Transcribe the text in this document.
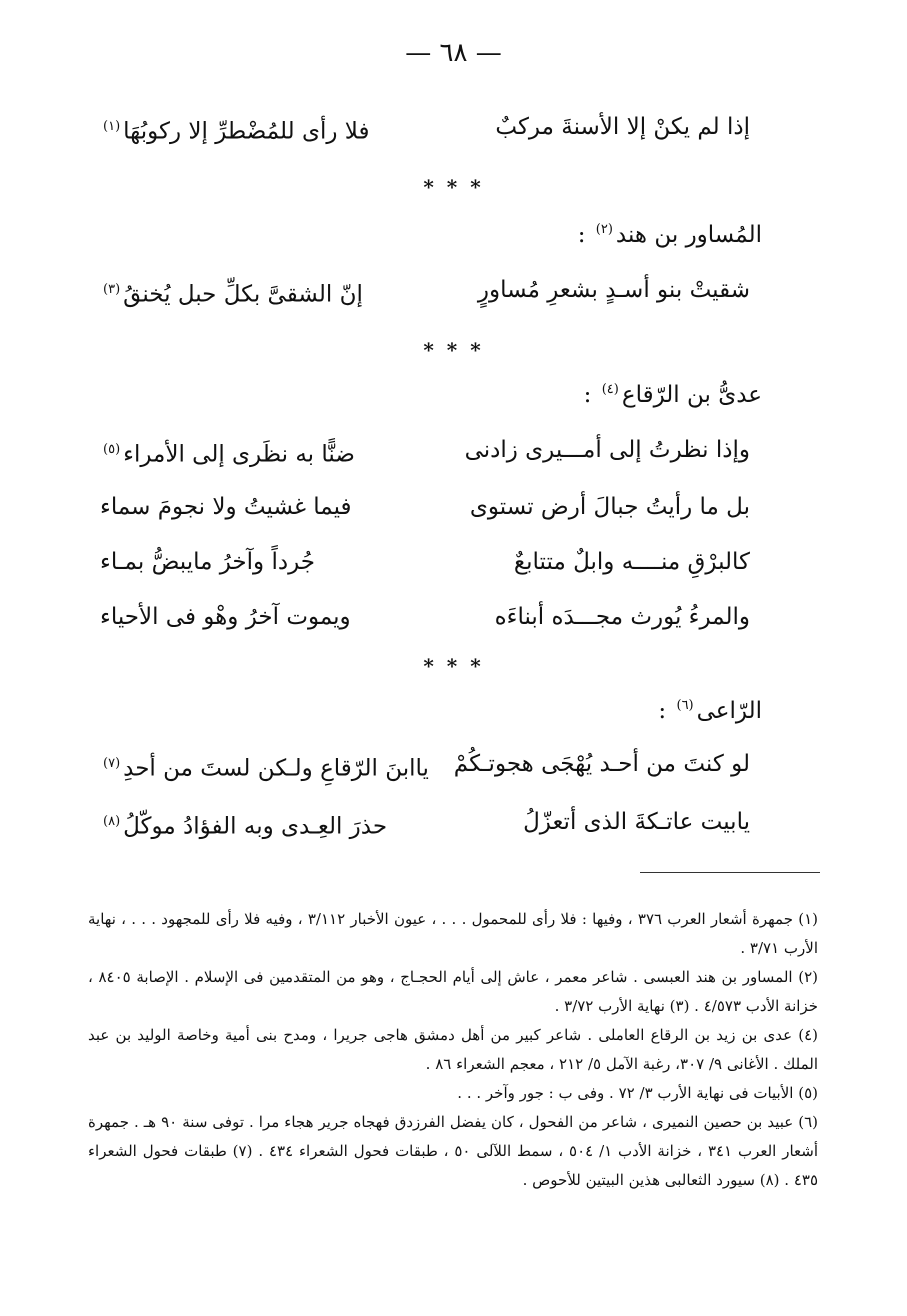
— ٦٨ —
إذا لم يكنْ إلا الأسنةَ مركبٌ
فلا رأى للمُضْطرِّ إلا ركوبُهَا$^{(١)}$
* * *
المُساور بن هند$^{(٢)}$ :
شقيتْ بنو أسـدٍ بشعرِ مُساورٍ
إنّ الشقىَّ بكلِّ حبل يُخنقُ$^{(٣)}$
* * *
عدىُّ بن الرّقاع$^{(٤)}$ :
وإذا نظرتُ إلى أمـــيرى زادنى
ضنًّا به نظَرى إلى الأمراء$^{(٥)}$
بل ما رأيتُ جبالَ أرض تستوى
فيما غشيتُ ولا نجومَ سماء
كالبرْقِ منــــه وابلٌ متتابعٌ
جُرداً وآخرُ مايبضُّ بمـاء
والمرءُ يُورث مجـــدَه أبناءَه
ويموت آخرُ وهْو فى الأحياء
* * *
الرّاعى$^{(٦)}$ :
لو كنتَ من أحـد يُهْجَى هجوتـكُمْ
ياابنَ الرّقاعِ ولـكن لستَ من أحدِ$^{(٧)}$
يابيت عاتـكةَ الذى أتعزّلُ
حذرَ العِـدى وبه الفؤادُ موكّلُ$^{(٨)}$

(١) جمهرة أشعار العرب ٣٧٦ ، وفيها : فلا رأى للمحمول . . . ، عيون الأخبار ٣/١١٢ ، وفيه فلا رأى للمجهود . . . ، نهاية الأرب ٣/٧١ .

(٢) المساور بن هند العبسى . شاعر معمر ، عاش إلى أيام الحجـاج ، وهو من المتقدمين فى الإسلام . الإصابة ٨٤٠٥ ، خزانة الأدب ٤/٥٧٣ . (٣) نهاية الأرب ٣/٧٢ .

(٤) عدى بن زيد بن الرقاع العاملى . شاعر كبير من أهل دمشق هاجى جريرا ، ومدح بنى أمية وخاصة الوليد بن عبد الملك . الأغانى ٩/ ٣٠٧، رغبة الآمل ٥/ ٢١٢ ، معجم الشعراء ٨٦ .

(٥) الأبيات فى نهاية الأرب ٣/ ٧٢ . وفى ب : جور وآخر . . .

(٦) عبيد بن حصين النميرى ، شاعر من الفحول ، كان يفضل الفرزدق فهجاه جرير هجاء مرا . توفى سنة ٩٠ هـ . جمهرة أشعار العرب ٣٤١ ، خزانة الأدب ١/ ٥٠٤ ، سمط اللآلى ٥٠ ، طبقات فحول الشعراء ٤٣٤ . (٧) طبقات فحول الشعراء ٤٣٥ . (٨) سيورد الثعالبى هذين البيتين للأحوص .
